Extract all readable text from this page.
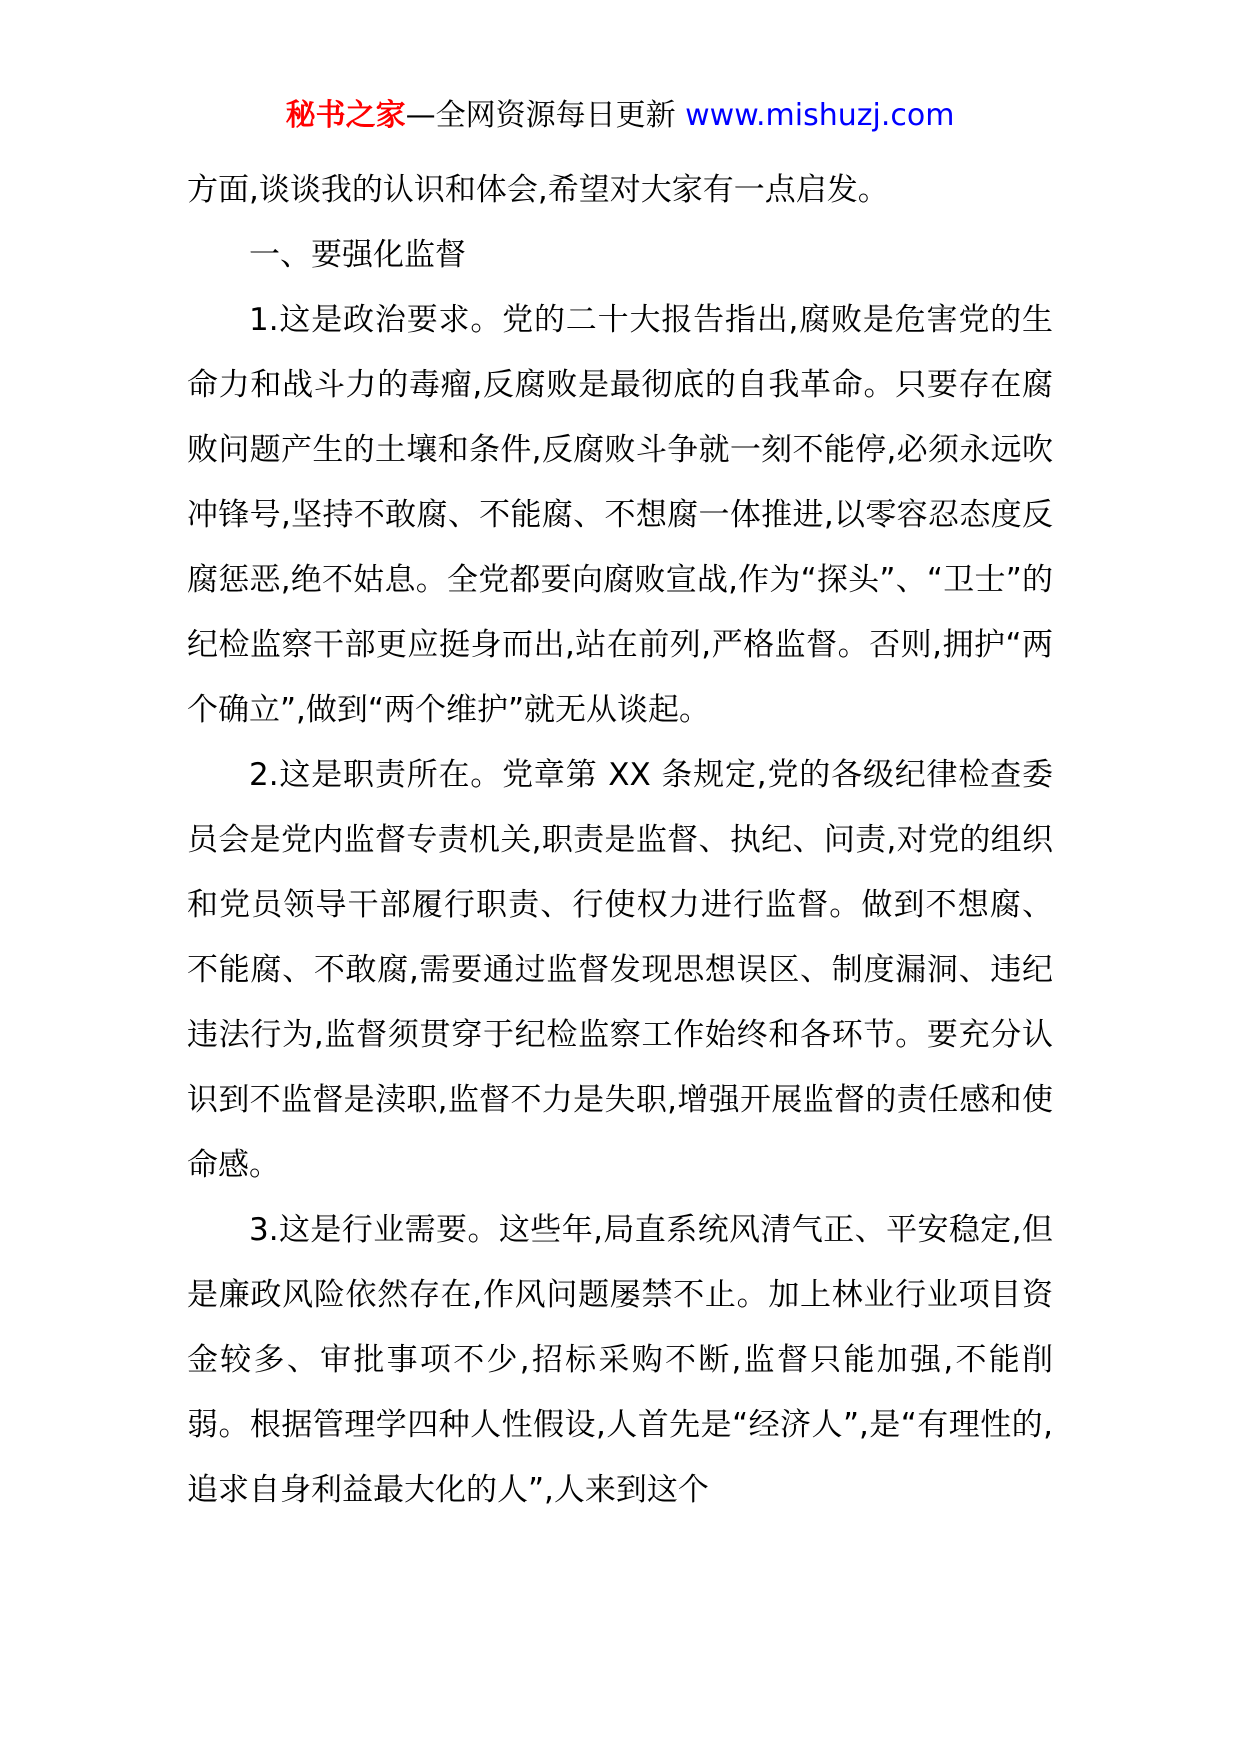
秘书之家—全网资源每日更新 www.mishuzj.com

方面,谈谈我的认识和体会,希望对大家有一点启发。

一、要强化监督

1.这是政治要求。党的二十大报告指出,腐败是危害党的生命力和战斗力的毒瘤,反腐败是最彻底的自我革命。只要存在腐败问题产生的土壤和条件,反腐败斗争就一刻不能停,必须永远吹冲锋号,坚持不敢腐、不能腐、不想腐一体推进,以零容忍态度反腐惩恶,绝不姑息。全党都要向腐败宣战,作为“探头”、“卫士”的纪检监察干部更应挺身而出,站在前列,严格监督。否则,拥护“两个确立”,做到“两个维护”就无从谈起。

2.这是职责所在。党章第 XX 条规定,党的各级纪律检查委员会是党内监督专责机关,职责是监督、执纪、问责,对党的组织和党员领导干部履行职责、行使权力进行监督。做到不想腐、不能腐、不敢腐,需要通过监督发现思想误区、制度漏洞、违纪违法行为,监督须贯穿于纪检监察工作始终和各环节。要充分认识到不监督是渎职,监督不力是失职,增强开展监督的责任感和使命感。

3.这是行业需要。这些年,局直系统风清气正、平安稳定,但是廉政风险依然存在,作风问题屡禁不止。加上林业行业项目资金较多、审批事项不少,招标采购不断,监督只能加强,不能削弱。根据管理学四种人性假设,人首先是“经济人”,是“有理性的,追求自身利益最大化的人”,人来到这个
